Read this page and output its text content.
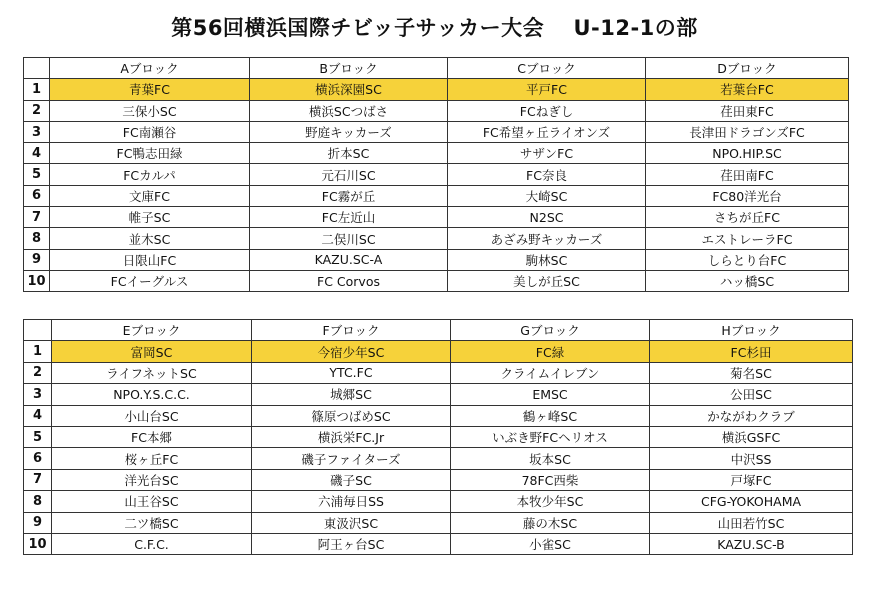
第56回横浜国際チビッ子サッカー大会　 U-12-1の部
	Aブロック	Bブロック	Cブロック	Dブロック
1	青葉FC	横浜深園SC	平戸FC	若葉台FC
2	三保小SC	横浜SCつばさ	FCねぎし	荏田東FC
3	FC南瀬谷	野庭キッカーズ	FC希望ヶ丘ライオンズ	長津田ドラゴンズFC
4	FC鴨志田緑	折本SC	サザンFC	NPO.HIP.SC
5	FCカルパ	元石川SC	FC奈良	荏田南FC
6	文庫FC	FC霧が丘	大崎SC	FC80洋光台
7	帷子SC	FC左近山	N2SC	さちが丘FC
8	並木SC	二俣川SC	あざみ野キッカーズ	エストレーラFC
9	日限山FC	KAZU.SC-A	駒林SC	しらとり台FC
10	FCイーグルス	FC Corvos	美しが丘SC	ハッ橋SC
	Eブロック	Fブロック	Gブロック	Hブロック
1	富岡SC	今宿少年SC	FC緑	FC杉田
2	ライフネットSC	YTC.FC	クライムイレブン	菊名SC
3	NPO.Y.S.C.C.	城郷SC	EMSC	公田SC
4	小山台SC	篠原つばめSC	鶴ヶ峰SC	かながわクラブ
5	FC本郷	横浜栄FC.Jr	いぶき野FCヘリオス	横浜GSFC
6	桜ヶ丘FC	磯子ファイターズ	坂本SC	中沢SS
7	洋光台SC	磯子SC	78FC西柴	戸塚FC
8	山王谷SC	六浦毎日SS	本牧少年SC	CFG-YOKOHAMA
9	二ツ橋SC	東汲沢SC	藤の木SC	山田若竹SC
10	C.F.C.	阿王ヶ台SC	小雀SC	KAZU.SC-B
